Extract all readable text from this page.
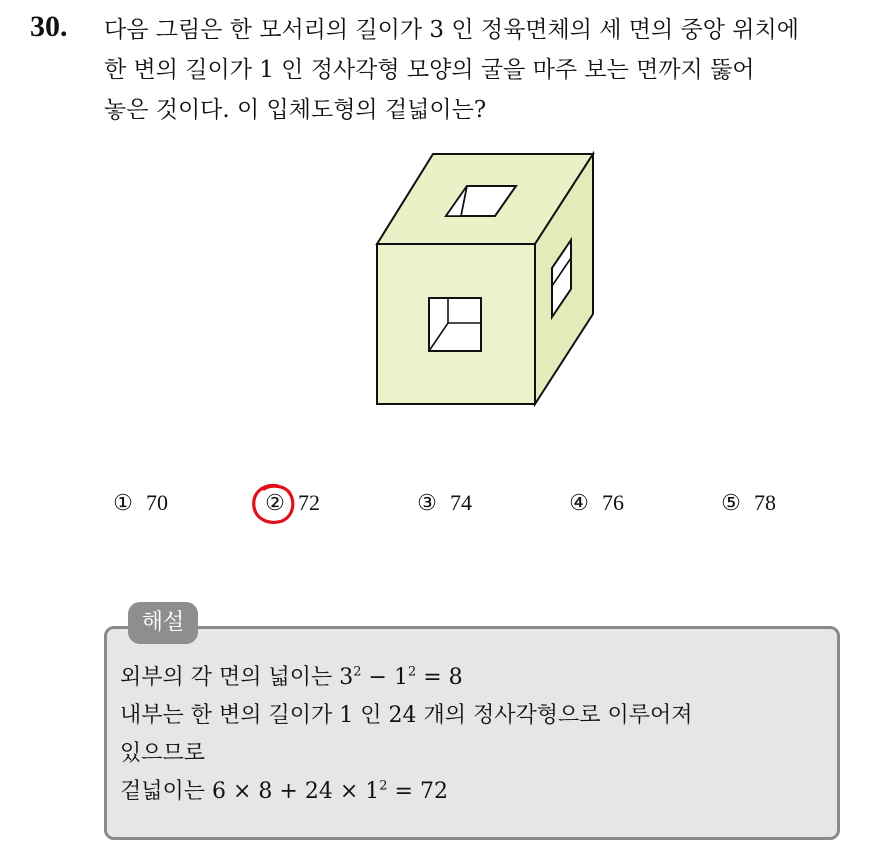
30. 다음 그림은 한 모서리의 길이가 3 인 정육면체의 세 면의 중앙 위치에
한 변의 길이가 1 인 정사각형 모양의 굴을 마주 보는 면까지 뚫어
놓은 것이다. 이 입체도형의 겉넓이는?
① 70	② 72	③ 74	④ 76	⑤ 78
해설
외부의 각 면의 넓이는 $3^2 - 1^2 = 8$
내부는 한 변의 길이가 1 인 24 개의 정사각형으로 이루어져
있으므로
겉넓이는 $6 \times 8 + 24 \times 1^2 = 72$
